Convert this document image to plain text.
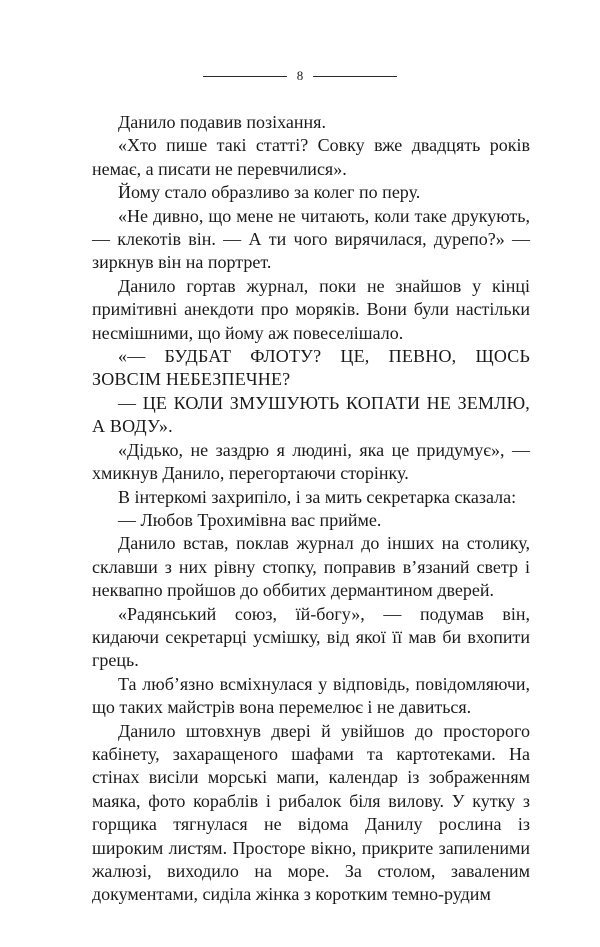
8

Данило подавив позіхання.

«Хто пише такі статті? Совку вже двадцять років немає, а писати не перевчилися».

Йому стало образливо за колег по перу.

«Не дивно, що мене не читають, коли таке друкують, — клекотів він. — А ти чого вирячилася, дурепо?» — зиркнув він на портрет.

Данило гортав журнал, поки не знайшов у кінці примітивні анекдоти про моряків. Вони були настільки несмішними, що йому аж повеселішало.

«— БУДБАТ ФЛОТУ? ЦЕ, ПЕВНО, ЩОСЬ ЗОВСІМ НЕБЕЗПЕЧНЕ?

— ЦЕ КОЛИ ЗМУШУЮТЬ КОПАТИ НЕ ЗЕМЛЮ, А ВОДУ».

«Дідько, не заздрю я людині, яка це придумує», — хмикнув Данило, перегортаючи сторінку.

В інтеркомі захрипіло, і за мить секретарка сказала:

— Любов Трохимівна вас прийме.

Данило встав, поклав журнал до інших на столику, склавши з них рівну стопку, поправив в’язаний светр і неквапно пройшов до оббитих дермантином дверей.

«Радянський союз, їй-богу», — подумав він, кидаючи секретарці усмішку, від якої її мав би вхопити грець.

Та люб’язно всміхнулася у відповідь, повідомляючи, що таких майстрів вона перемелює і не давиться.

Данило штовхнув двері й увійшов до просторого кабінету, захаращеного шафами та картотеками. На стінах висіли морські мапи, календар із зображенням маяка, фото кораблів і рибалок біля вилову. У кутку з горщика тягнулася не відома Данилу рослина із широким листям. Просторе вікно, прикрите запиленими жалюзі, виходило на море. За столом, заваленим документами, сиділа жінка з коротким темно-рудим
